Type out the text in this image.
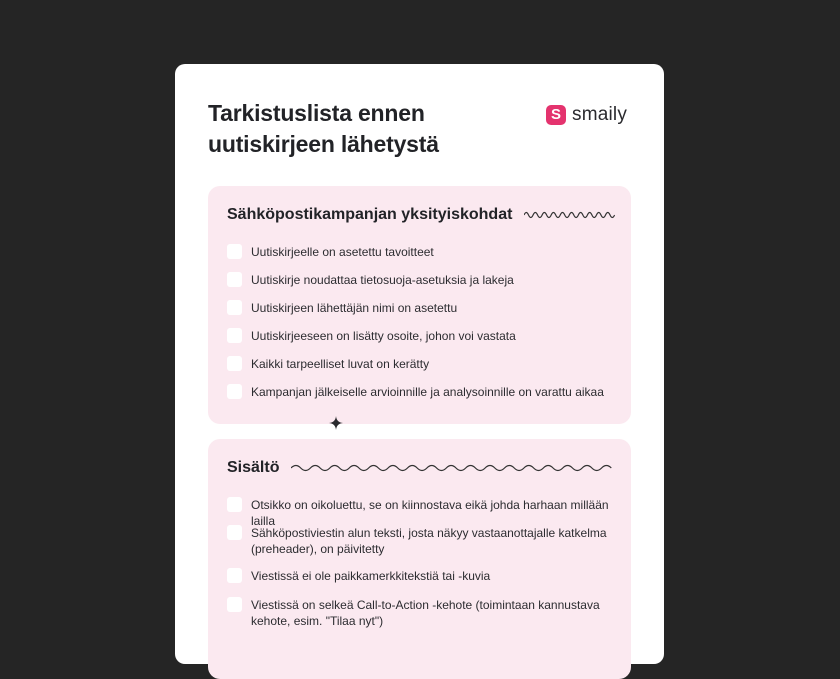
Tarkistuslista ennen uutiskirjeen lähetystä
S smaily
Sähköpostikampanjan yksityiskohdat
Uutiskirjeelle on asetettu tavoitteet
Uutiskirje noudattaa tietosuoja-asetuksia ja lakeja
Uutiskirjeen lähettäjän nimi on asetettu
Uutiskirjeeseen on lisätty osoite, johon voi vastata
Kaikki tarpeelliset luvat on kerätty
Kampanjan jälkeiselle arvioinnille ja analysoinnille on varattu aikaa
Sisältö
Otsikko on oikoluettu, se on kiinnostava eikä johda harhaan millään lailla
Sähköpostiviestin alun teksti, josta näkyy vastaanottajalle katkelma (preheader), on päivitetty
Viestissä ei ole paikkamerkkitekstiä tai -kuvia
Viestissä on selkeä Call-to-Action -kehote (toimintaan kannustava kehote, esim. "Tilaa nyt")
